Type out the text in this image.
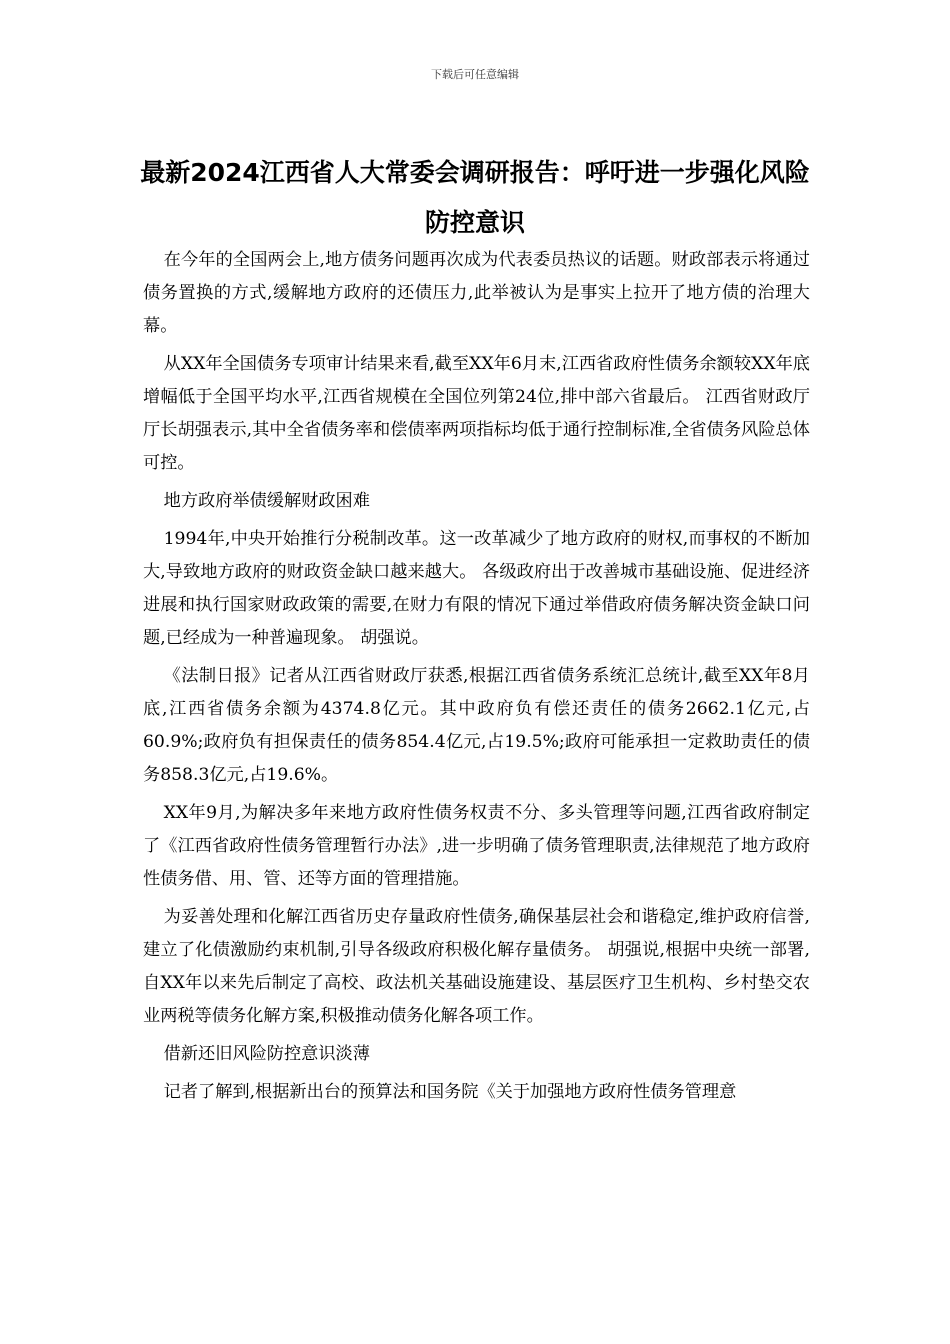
下载后可任意编辑
最新2024江西省人大常委会调研报告：呼吁进一步强化风险防控意识

在今年的全国两会上,地方债务问题再次成为代表委员热议的话题。财政部表示将通过债务置换的方式,缓解地方政府的还债压力,此举被认为是事实上拉开了地方债的治理大幕。

从XX年全国债务专项审计结果来看,截至XX年6月末,江西省政府性债务余额较XX年底增幅低于全国平均水平,江西省规模在全国位列第24位,排中部六省最后。 江西省财政厅厅长胡强表示,其中全省债务率和偿债率两项指标均低于通行控制标准,全省债务风险总体可控。

地方政府举债缓解财政困难

1994年,中央开始推行分税制改革。这一改革减少了地方政府的财权,而事权的不断加大,导致地方政府的财政资金缺口越来越大。 各级政府出于改善城市基础设施、促进经济进展和执行国家财政政策的需要,在财力有限的情况下通过举借政府债务解决资金缺口问题,已经成为一种普遍现象。 胡强说。

《法制日报》记者从江西省财政厅获悉,根据江西省债务系统汇总统计,截至XX年8月底,江西省债务余额为4374.8亿元。其中政府负有偿还责任的债务2662.1亿元,占60.9%;政府负有担保责任的债务854.4亿元,占19.5%;政府可能承担一定救助责任的债务858.3亿元,占19.6%。

XX年9月,为解决多年来地方政府性债务权责不分、多头管理等问题,江西省政府制定了《江西省政府性债务管理暂行办法》,进一步明确了债务管理职责,法律规范了地方政府性债务借、用、管、还等方面的管理措施。

为妥善处理和化解江西省历史存量政府性债务,确保基层社会和谐稳定,维护政府信誉,建立了化债激励约束机制,引导各级政府积极化解存量债务。 胡强说,根据中央统一部署,自XX年以来先后制定了高校、政法机关基础设施建设、基层医疗卫生机构、乡村垫交农业两税等债务化解方案,积极推动债务化解各项工作。

借新还旧风险防控意识淡薄

记者了解到,根据新出台的预算法和国务院《关于加强地方政府性债务管理意
